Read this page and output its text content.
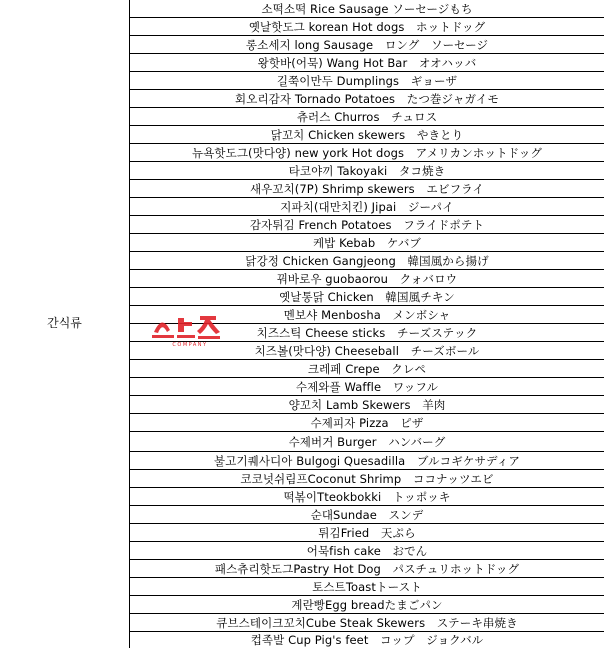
간식류
소떡소떡 Rice Sausage ソーセージもち
옛날핫도그 korean Hot dogs　ホットドッグ
롱소세지 long Sausage　ロング　ソーセージ
왕핫바(어묵) Wang Hot Bar　オオハッバ
길쭉이만두 Dumplings　ギョーザ
회오리감자 Tornado Potatoes　たつ巻ジャガイモ
츄러스 Churros　チュロス
닭꼬치 Chicken skewers　やきとり
뉴욕핫도그(맛다양) new york Hot dogs　アメリカンホットドッグ
타코야끼 Takoyaki　タコ焼き
새우꼬치(7P) Shrimp skewers　エビフライ
지파치(대만치킨) Jipai　ジーパイ
감자튀김 French Potatoes　フライドポテト
케밥 Kebab　ケバブ
닭강정 Chicken Gangjeong　韓国風から揚げ
꿔바로우 guobaorou　クォバロウ
옛날통닭 Chicken　韓国風チキン
멘보샤 Menbosha　メンボシャ
치즈스틱 Cheese sticks　チーズステック
치즈볼(맛다양) Cheeseball　チーズボール
크레페 Crepe　クレペ
수제와플 Waffle　ワッフル
양꼬치 Lamb Skewers　羊肉
수제피자 Pizza　ピザ
수제버거 Burger　ハンバーグ
불고기퀘사디아 Bulgogi Quesadilla　ブルコギケサディア
코코넛쉬림프Coconut Shrimp　ココナッツエビ
떡볶이Tteokbokki　トッポッキ
순대Sundae　スンデ
튀김Fried　天ぷら
어묵fish cake　おでん
패스츄리핫도그Pastry Hot Dog　パスチュリホットドッグ
토스트Toastトースト
계란빵Egg breadたまごパン
큐브스테이크꼬치Cube Steak Skewers　ステーキ串焼き
컵족발 Cup Pig's feet　コップ　ジョクバル
COMPANY
